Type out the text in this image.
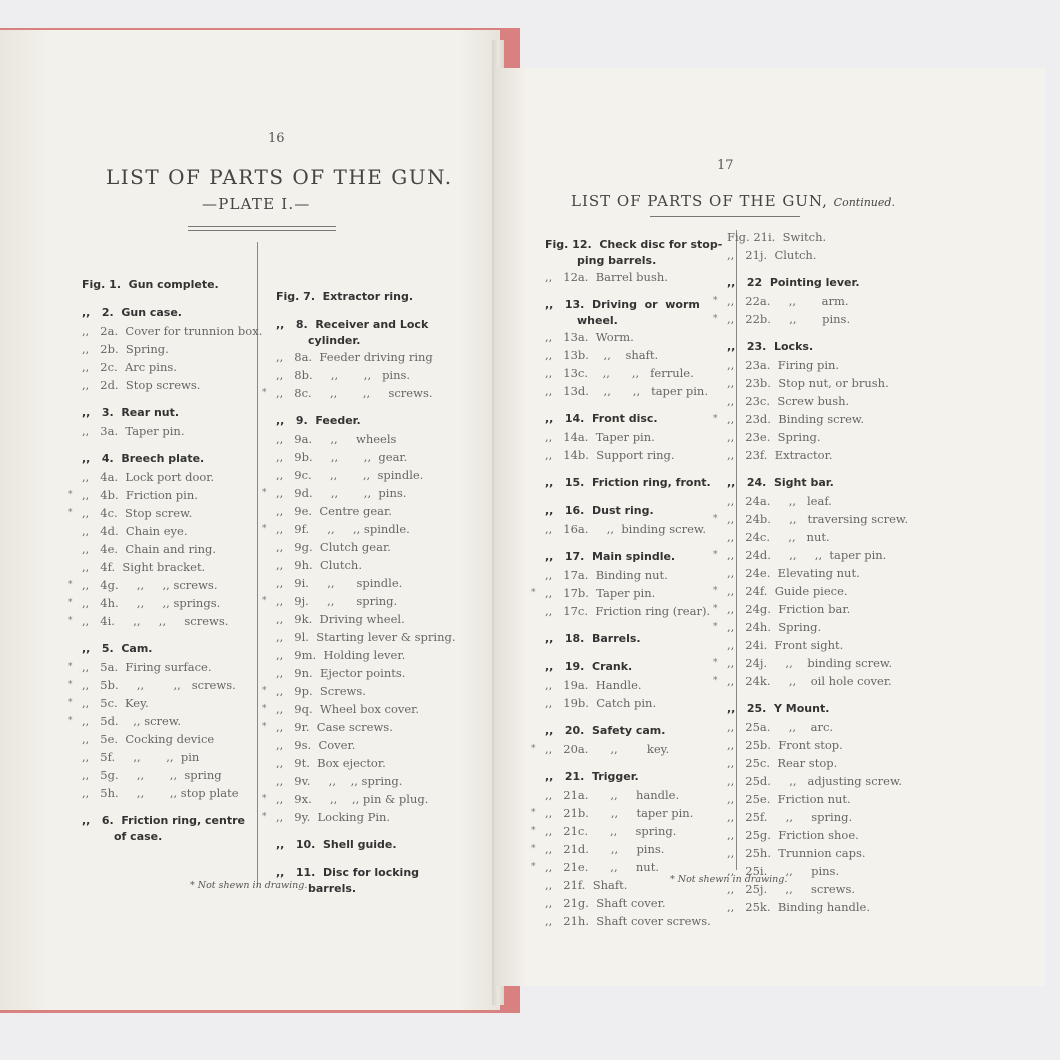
16
LIST OF PARTS OF THE GUN.
—PLATE I.—
Fig. 1.  Gun complete.
,,   2.  Gun case.
,,   2a.  Cover for trunnion box.
,,   2b.  Spring.
,,   2c.  Arc pins.
,,   2d.  Stop screws.
,,   3.  Rear nut.
,,   3a.  Taper pin.
,,   4.  Breech plate.
,,   4a.  Lock port door.
* ,,   4b.  Friction pin.
* ,,   4c.  Stop screw.
,,   4d.  Chain eye.
,,   4e.  Chain and ring.
,,   4f.  Sight bracket.
* ,,   4g.     ,,     ,, screws.
* ,,   4h.     ,,     ,, springs.
* ,,   4i.     ,,     ,,     screws.
,,   5.  Cam.
* ,,   5a.  Firing surface.
* ,,   5b.     ,,        ,,   screws.
* ,,   5c.  Key.
* ,,   5d.    ,, screw.
,,   5e.  Cocking device
,,   5f.     ,,       ,,  pin
,,   5g.     ,,       ,,  spring
,,   5h.     ,,       ,, stop plate
,,   6.  Friction ring, centre
of case.
Fig. 7.  Extractor ring.
,,   8.  Receiver and Lock
cylinder.
,,   8a.  Feeder driving ring
,,   8b.     ,,       ,,   pins.
* ,,   8c.     ,,       ,,     screws.
,,   9.  Feeder.
,,   9a.     ,,     wheels
,,   9b.     ,,       ,,  gear.
,,   9c.     ,,       ,,  spindle.
* ,,   9d.     ,,       ,,  pins.
,,   9e.  Centre gear.
* ,,   9f.     ,,     ,, spindle.
,,   9g.  Clutch gear.
,,   9h.  Clutch.
,,   9i.     ,,      spindle.
* ,,   9j.     ,,      spring.
,,   9k.  Driving wheel.
,,   9l.  Starting lever & spring.
,,   9m.  Holding lever.
,,   9n.  Ejector points.
* ,,   9p.  Screws.
* ,,   9q.  Wheel box cover.
* ,,   9r.  Case screws.
,,   9s.  Cover.
,,   9t.  Box ejector.
,,   9v.     ,,    ,, spring.
* ,,   9x.     ,,    ,, pin & plug.
* ,,   9y.  Locking Pin.
,,   10.  Shell guide.
,,   11.  Disc for locking
barrels.
* Not shewn in drawing.
17
LIST OF PARTS OF THE GUN, Continued.
Fig. 12.  Check disc for stop-
ping barrels.
,,   12a.  Barrel bush.
,,   13.  Driving  or  worm
wheel.
,,   13a.  Worm.
,,   13b.    ,,    shaft.
,,   13c.    ,,      ,,   ferrule.
,,   13d.    ,,      ,,   taper pin.
,,   14.  Front disc.
,,   14a.  Taper pin.
,,   14b.  Support ring.
,,   15.  Friction ring, front.
,,   16.  Dust ring.
,,   16a.     ,,  binding screw.
,,   17.  Main spindle.
,,   17a.  Binding nut.
* ,,   17b.  Taper pin.
,,   17c.  Friction ring (rear).
,,   18.  Barrels.
,,   19.  Crank.
,,   19a.  Handle.
,,   19b.  Catch pin.
,,   20.  Safety cam.
* ,,   20a.      ,,        key.
,,   21.  Trigger.
,,   21a.      ,,     handle.
* ,,   21b.      ,,     taper pin.
* ,,   21c.      ,,     spring.
* ,,   21d.      ,,     pins.
* ,,   21e.      ,,     nut.
,,   21f.  Shaft.
,,   21g.  Shaft cover.
,,   21h.  Shaft cover screws.
Fig. 21i.  Switch.
,,   21j.  Clutch.
,,   22  Pointing lever.
* ,,   22a.     ,,       arm.
* ,,   22b.     ,,       pins.
,,   23.  Locks.
,,   23a.  Firing pin.
,,   23b.  Stop nut, or brush.
,,   23c.  Screw bush.
* ,,   23d.  Binding screw.
,,   23e.  Spring.
,,   23f.  Extractor.
,,   24.  Sight bar.
,,   24a.     ,,   leaf.
* ,,   24b.     ,,   traversing screw.
,,   24c.     ,,   nut.
* ,,   24d.     ,,     ,,  taper pin.
,,   24e.  Elevating nut.
* ,,   24f.  Guide piece.
* ,,   24g.  Friction bar.
* ,,   24h.  Spring.
,,   24i.  Front sight.
* ,,   24j.     ,,    binding screw.
* ,,   24k.     ,,    oil hole cover.
,,   25.  Y Mount.
,,   25a.     ,,    arc.
,,   25b.  Front stop.
,,   25c.  Rear stop.
,,   25d.     ,,   adjusting screw.
,,   25e.  Friction nut.
,,   25f.     ,,     spring.
,,   25g.  Friction shoe.
,,   25h.  Trunnion caps.
,,   25i.     ,,     pins.
,,   25j.     ,,     screws.
,,   25k.  Binding handle.
* Not shewn in drawing.
